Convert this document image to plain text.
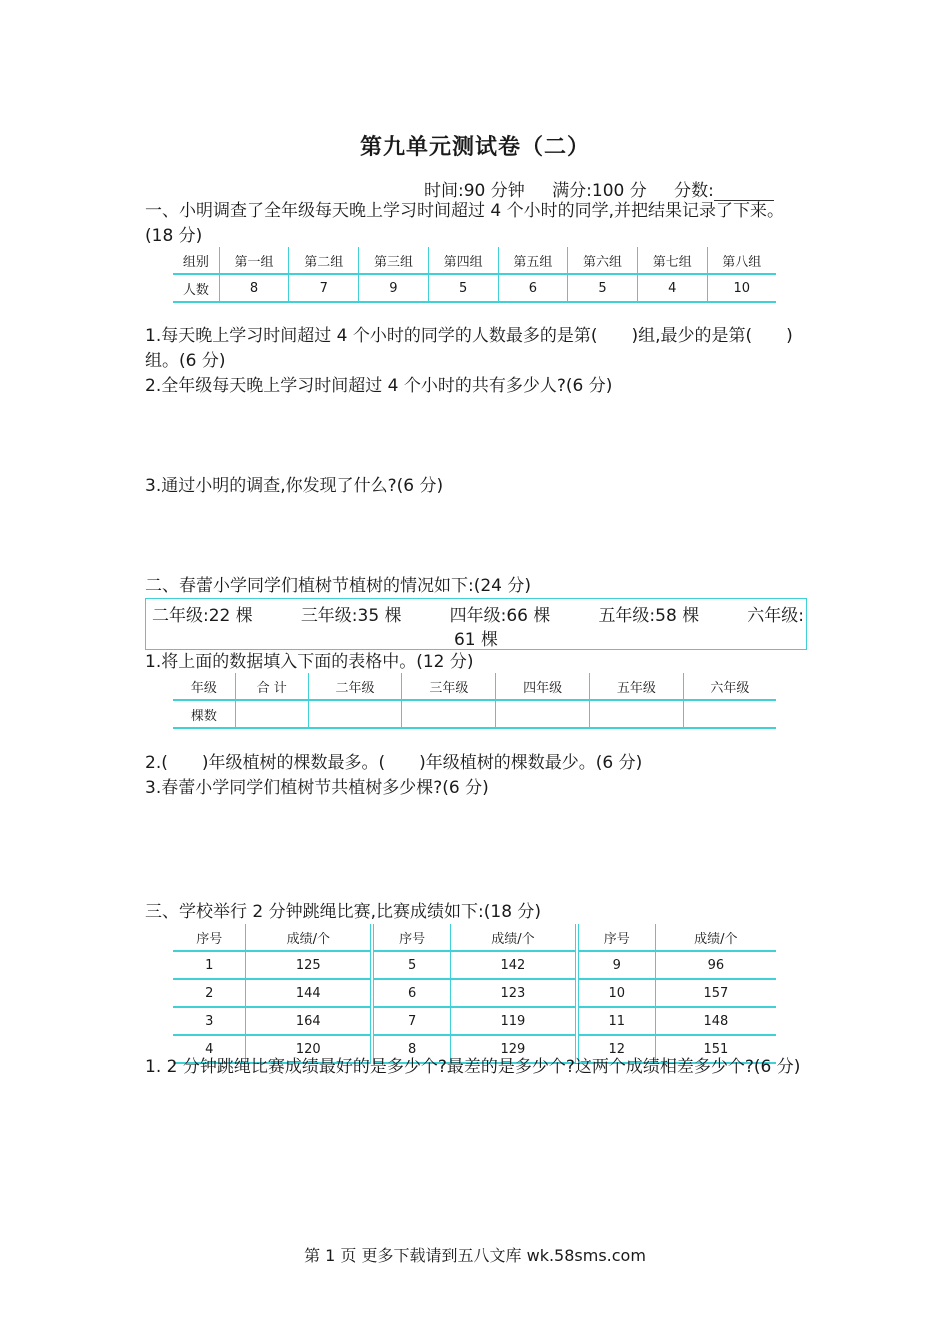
第九单元测试卷（二）
时间:90 分钟 满分:100 分 分数:
一、小明调查了全年级每天晚上学习时间超过 4 个小时的同学,并把结果记录了下来。(18 分)
组别	第一组	第二组	第三组	第四组	第五组	第六组	第七组	第八组
人数	8	7	9	5	6	5	4	10
1.每天晚上学习时间超过 4 个小时的同学的人数最多的是第(　　)组,最少的是第(　　)组。(6 分)
2.全年级每天晚上学习时间超过 4 个小时的共有多少人?(6 分)
3.通过小明的调查,你发现了什么?(6 分)
二、春蕾小学同学们植树节植树的情况如下:(24 分)
二年级:22 棵	三年级:35 棵	四年级:66 棵	五年级:58 棵	六年级:
61 棵
1.将上面的数据填入下面的表格中。(12 分)
年级	合 计	二年级	三年级	四年级	五年级	六年级
棵数						
2.(　　)年级植树的棵数最多。(　　)年级植树的棵数最少。(6 分)
3.春蕾小学同学们植树节共植树多少棵?(6 分)
三、学校举行 2 分钟跳绳比赛,比赛成绩如下:(18 分)
序号	成绩/个	序号	成绩/个	序号	成绩/个
1	125	5	142	9	96
2	144	6	123	10	157
3	164	7	119	11	148
4	120	8	129	12	151
1. 2 分钟跳绳比赛成绩最好的是多少个?最差的是多少个?这两个成绩相差多少个?(6 分)
第 1 页 更多下载请到五八文库 wk.58sms.com
